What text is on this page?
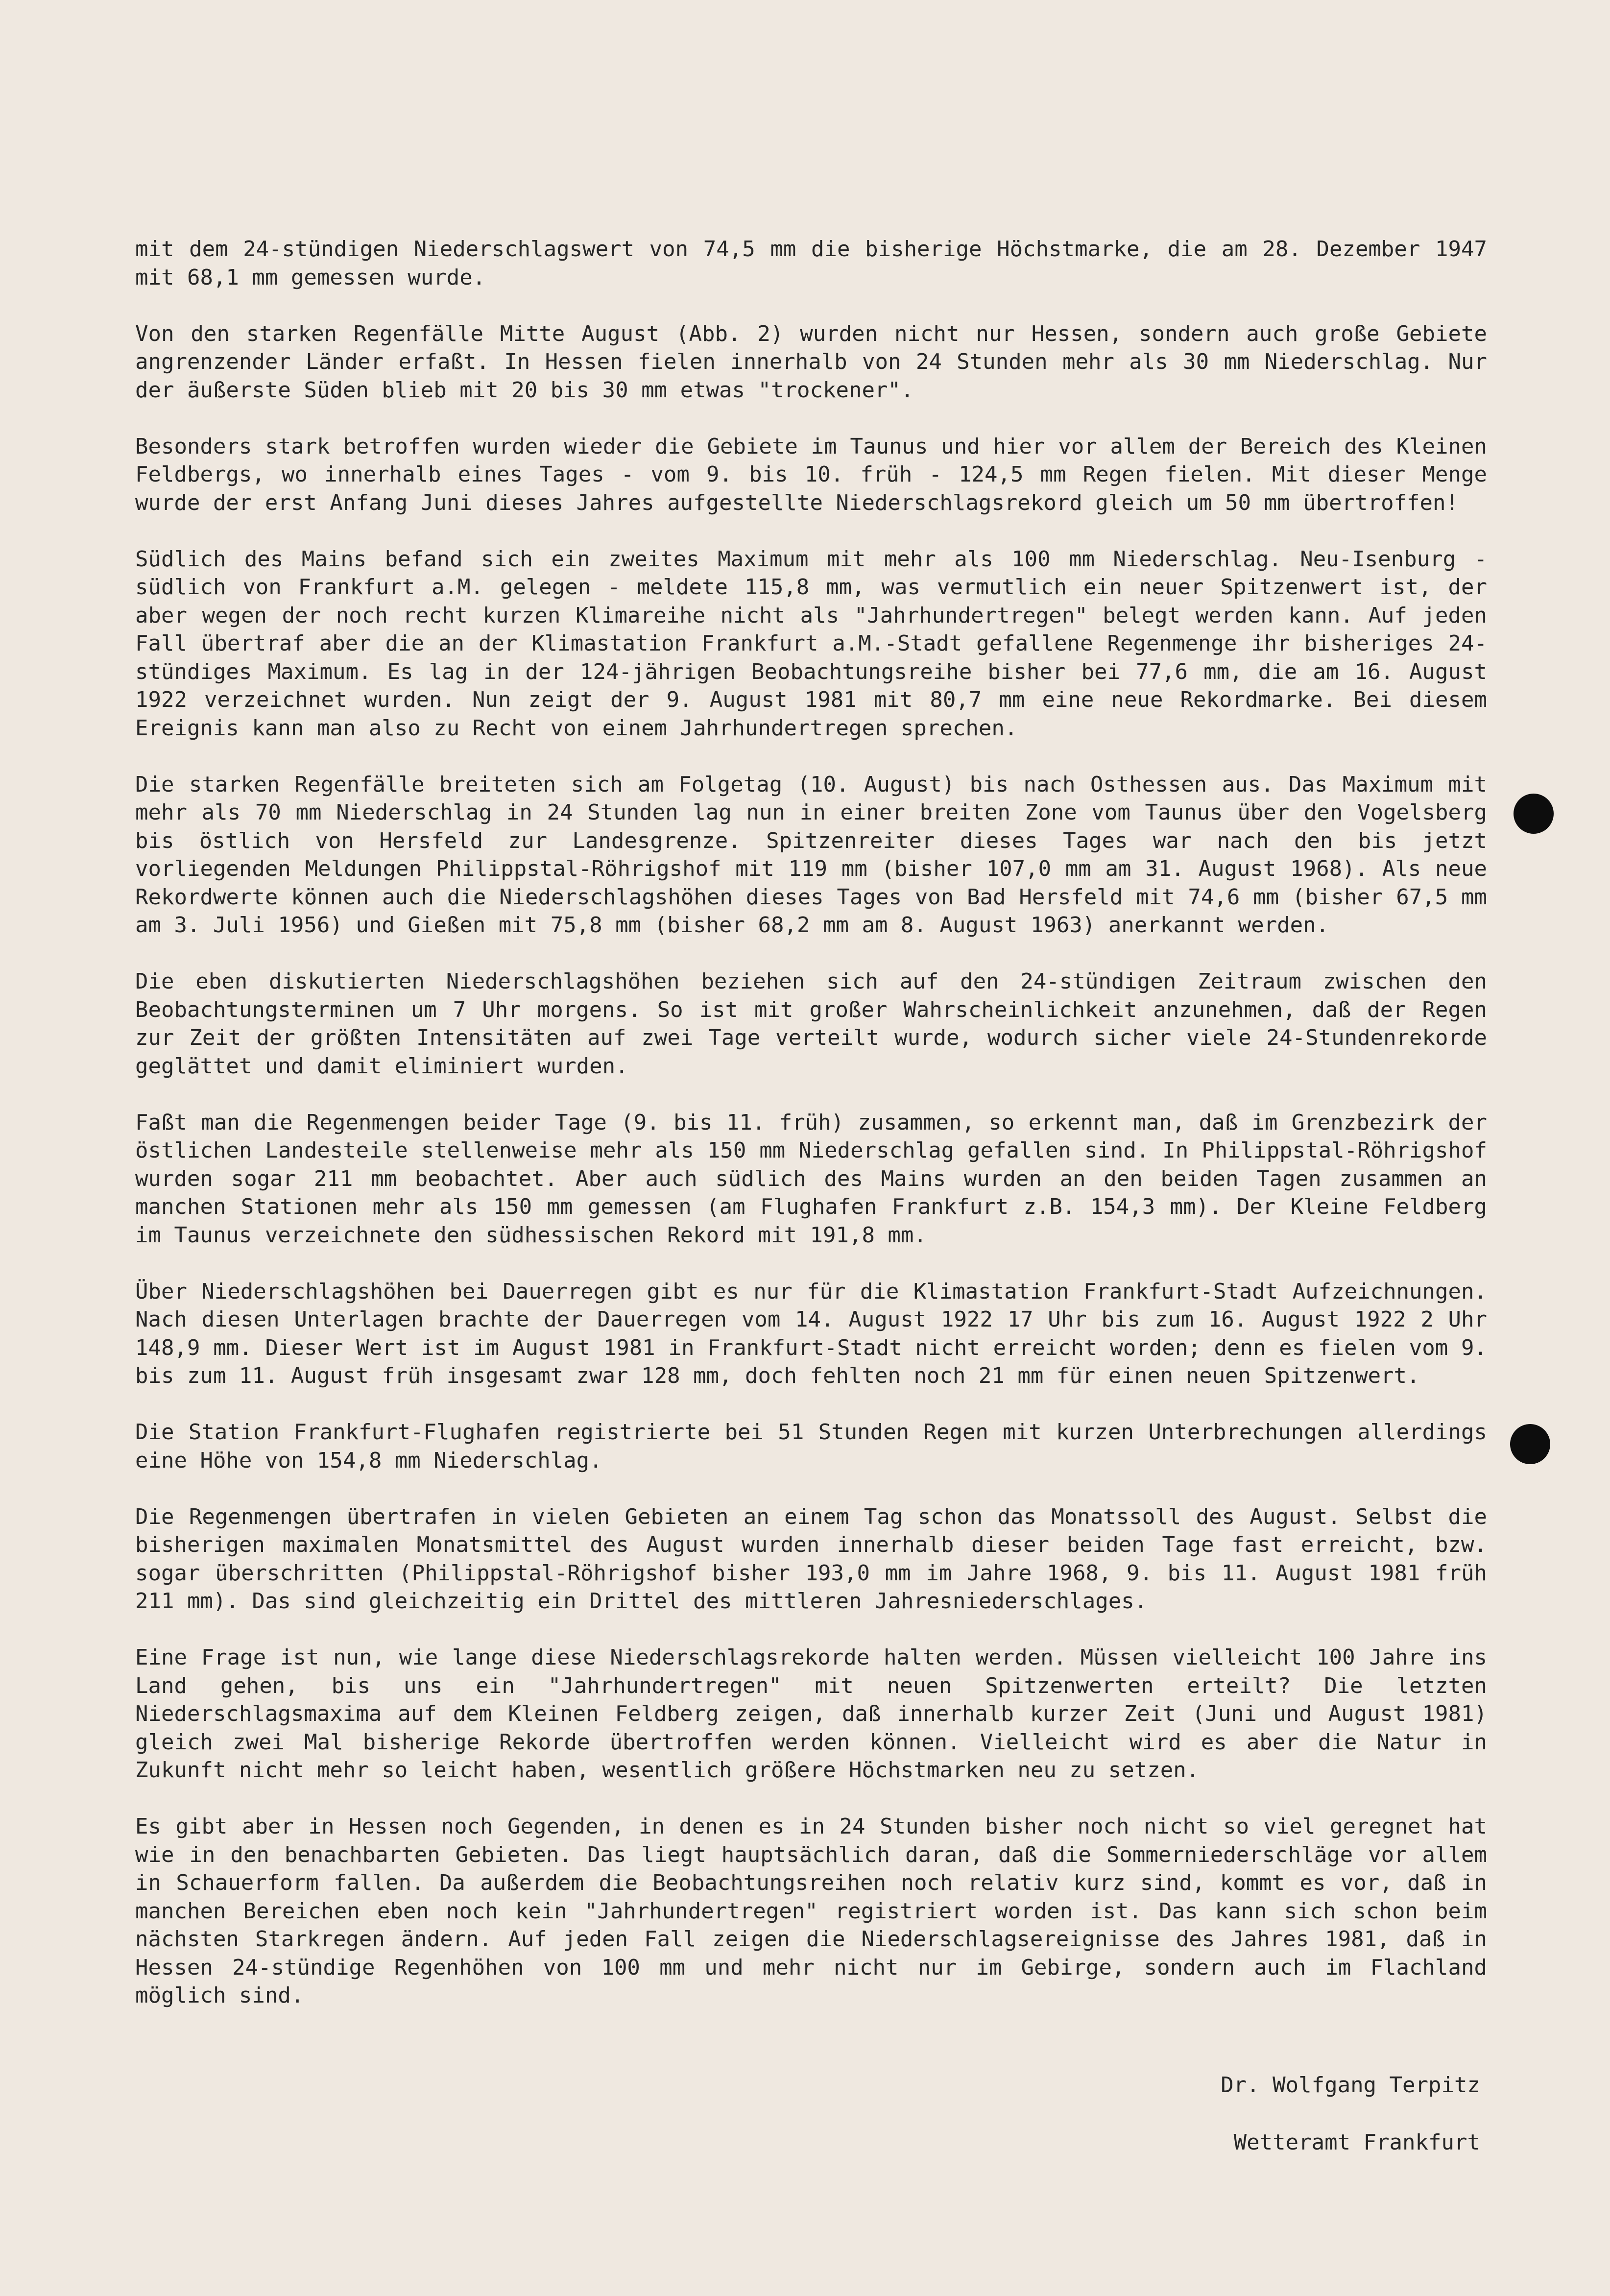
mit dem 24-stündigen Niederschlagswert von 74,5 mm die bisherige Höchstmarke, die am 28. Dezember 1947 mit 68,1 mm gemessen wurde.

Von den starken Regenfälle Mitte August (Abb. 2) wurden nicht nur Hessen, sondern auch große Gebiete angrenzender Länder erfaßt. In Hessen fielen innerhalb von 24 Stunden mehr als 30 mm Niederschlag. Nur der äußerste Süden blieb mit 20 bis 30 mm etwas "trockener".

Besonders stark betroffen wurden wieder die Gebiete im Taunus und hier vor allem der Bereich des Kleinen Feldbergs, wo innerhalb eines Tages - vom 9. bis 10. früh - 124,5 mm Regen fielen. Mit dieser Menge wurde der erst Anfang Juni dieses Jahres aufgestellte Niederschlagsrekord gleich um 50 mm übertroffen!

Südlich des Mains befand sich ein zweites Maximum mit mehr als 100 mm Niederschlag. Neu-Isenburg - südlich von Frankfurt a.M. gelegen - meldete 115,8 mm, was vermutlich ein neuer Spitzenwert ist, der aber wegen der noch recht kurzen Klimareihe nicht als "Jahrhundertregen" belegt werden kann. Auf jeden Fall übertraf aber die an der Klimastation Frankfurt a.M.-Stadt gefallene Regenmenge ihr bisheriges 24-stündiges Maximum. Es lag in der 124-jährigen Beobachtungsreihe bisher bei 77,6 mm, die am 16. August 1922 verzeichnet wurden. Nun zeigt der 9. August 1981 mit 80,7 mm eine neue Rekordmarke. Bei diesem Ereignis kann man also zu Recht von einem Jahrhundertregen sprechen.

Die starken Regenfälle breiteten sich am Folgetag (10. August) bis nach Osthessen aus. Das Maximum mit mehr als 70 mm Niederschlag in 24 Stunden lag nun in einer breiten Zone vom Taunus über den Vogelsberg bis östlich von Hersfeld zur Landesgrenze. Spitzenreiter dieses Tages war nach den bis jetzt vorliegenden Meldungen Philippstal-Röhrigshof mit 119 mm (bisher 107,0 mm am 31. August 1968). Als neue Rekordwerte können auch die Niederschlagshöhen dieses Tages von Bad Hersfeld mit 74,6 mm (bisher 67,5 mm am 3. Juli 1956) und Gießen mit 75,8 mm (bisher 68,2 mm am 8. August 1963) anerkannt werden.

Die eben diskutierten Niederschlagshöhen beziehen sich auf den 24-stündigen Zeitraum zwischen den Beobachtungsterminen um 7 Uhr morgens. So ist mit großer Wahrscheinlichkeit anzunehmen, daß der Regen zur Zeit der größten Intensitäten auf zwei Tage verteilt wurde, wodurch sicher viele 24-Stundenrekorde geglättet und damit eliminiert wurden.

Faßt man die Regenmengen beider Tage (9. bis 11. früh) zusammen, so erkennt man, daß im Grenzbezirk der östlichen Landesteile stellenweise mehr als 150 mm Niederschlag gefallen sind. In Philippstal-Röhrigshof wurden sogar 211 mm beobachtet. Aber auch südlich des Mains wurden an den beiden Tagen zusammen an manchen Stationen mehr als 150 mm gemessen (am Flughafen Frankfurt z.B. 154,3 mm). Der Kleine Feldberg im Taunus verzeichnete den südhessischen Rekord mit 191,8 mm.

Über Niederschlagshöhen bei Dauerregen gibt es nur für die Klimastation Frankfurt-Stadt Aufzeichnungen. Nach diesen Unterlagen brachte der Dauerregen vom 14. August 1922 17 Uhr bis zum 16. August 1922 2 Uhr 148,9 mm. Dieser Wert ist im August 1981 in Frankfurt-Stadt nicht erreicht worden; denn es fielen vom 9. bis zum 11. August früh insgesamt zwar 128 mm, doch fehlten noch 21 mm für einen neuen Spitzenwert.

Die Station Frankfurt-Flughafen registrierte bei 51 Stunden Regen mit kurzen Unterbrechungen allerdings eine Höhe von 154,8 mm Niederschlag.

Die Regenmengen übertrafen in vielen Gebieten an einem Tag schon das Monatssoll des August. Selbst die bisherigen maximalen Monatsmittel des August wurden innerhalb dieser beiden Tage fast erreicht, bzw. sogar überschritten (Philippstal-Röhrigshof bisher 193,0 mm im Jahre 1968, 9. bis 11. August 1981 früh 211 mm). Das sind gleichzeitig ein Drittel des mittleren Jahresniederschlages.

Eine Frage ist nun, wie lange diese Niederschlagsrekorde halten werden. Müssen vielleicht 100 Jahre ins Land gehen, bis uns ein "Jahrhundertregen" mit neuen Spitzenwerten erteilt? Die letzten Niederschlagsmaxima auf dem Kleinen Feldberg zeigen, daß innerhalb kurzer Zeit (Juni und August 1981) gleich zwei Mal bisherige Rekorde übertroffen werden können. Vielleicht wird es aber die Natur in Zukunft nicht mehr so leicht haben, wesentlich größere Höchstmarken neu zu setzen.

Es gibt aber in Hessen noch Gegenden, in denen es in 24 Stunden bisher noch nicht so viel geregnet hat wie in den benachbarten Gebieten. Das liegt hauptsächlich daran, daß die Sommerniederschläge vor allem in Schauerform fallen. Da außerdem die Beobachtungsreihen noch relativ kurz sind, kommt es vor, daß in manchen Bereichen eben noch kein "Jahrhundertregen" registriert worden ist. Das kann sich schon beim nächsten Starkregen ändern. Auf jeden Fall zeigen die Niederschlagsereignisse des Jahres 1981, daß in Hessen 24-stündige Regenhöhen von 100 mm und mehr nicht nur im Gebirge, sondern auch im Flachland möglich sind.

Dr. Wolfgang Terpitz
Wetteramt Frankfurt
